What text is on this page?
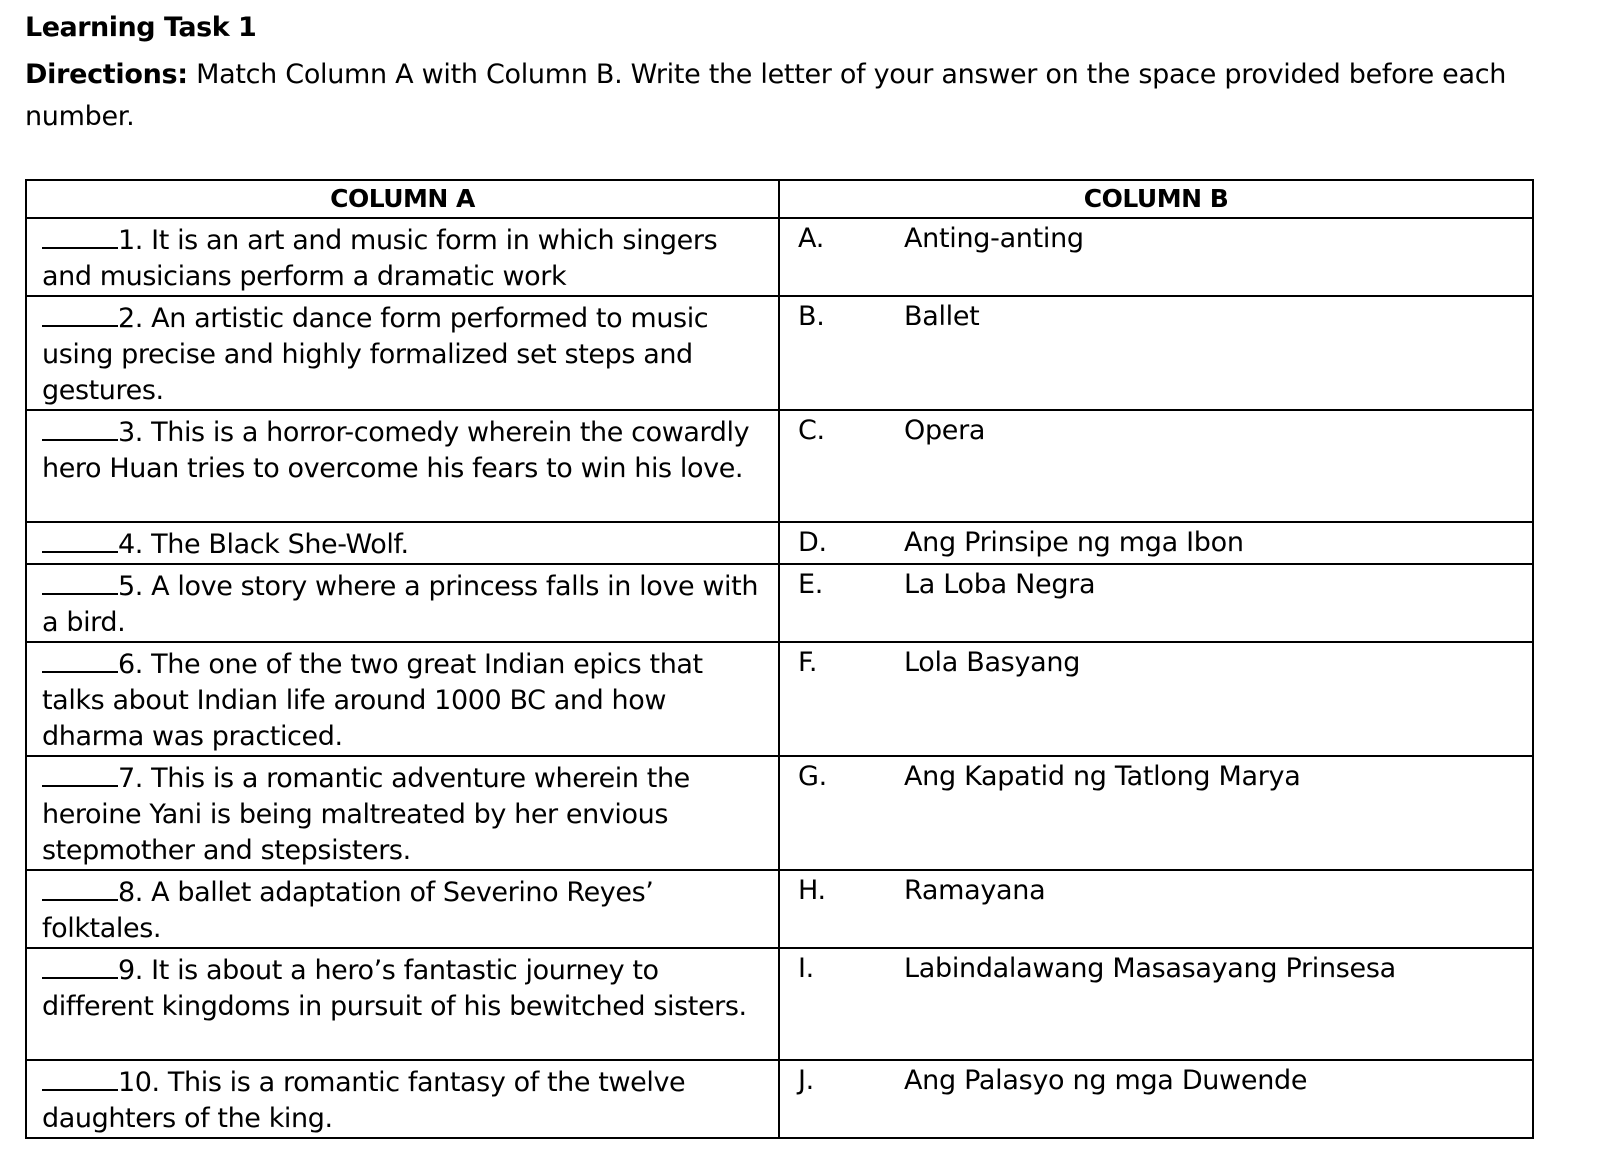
Learning Task 1
Directions: Match Column A with Column B. Write the letter of your answer on the space provided before each number.
COLUMN A	COLUMN B
1. It is an art and music form in which singers and musicians perform a dramatic work	A. Anting-anting
2. An artistic dance form performed to music using precise and highly formalized set steps and gestures.	B. Ballet
3. This is a horror-comedy wherein the cowardly hero Huan tries to overcome his fears to win his love.	C. Opera
4. The Black She-Wolf.	D. Ang Prinsipe ng mga Ibon
5. A love story where a princess falls in love with a bird.	E. La Loba Negra
6. The one of the two great Indian epics that talks about Indian life around 1000 BC and how dharma was practiced.	F. Lola Basyang
7. This is a romantic adventure wherein the heroine Yani is being maltreated by her envious stepmother and stepsisters.	G. Ang Kapatid ng Tatlong Marya
8. A ballet adaptation of Severino Reyes’ folktales.	H. Ramayana
9. It is about a hero’s fantastic journey to different kingdoms in pursuit of his bewitched sisters.	I. Labindalawang Masasayang Prinsesa
10. This is a romantic fantasy of the twelve daughters of the king.	J. Ang Palasyo ng mga Duwende
